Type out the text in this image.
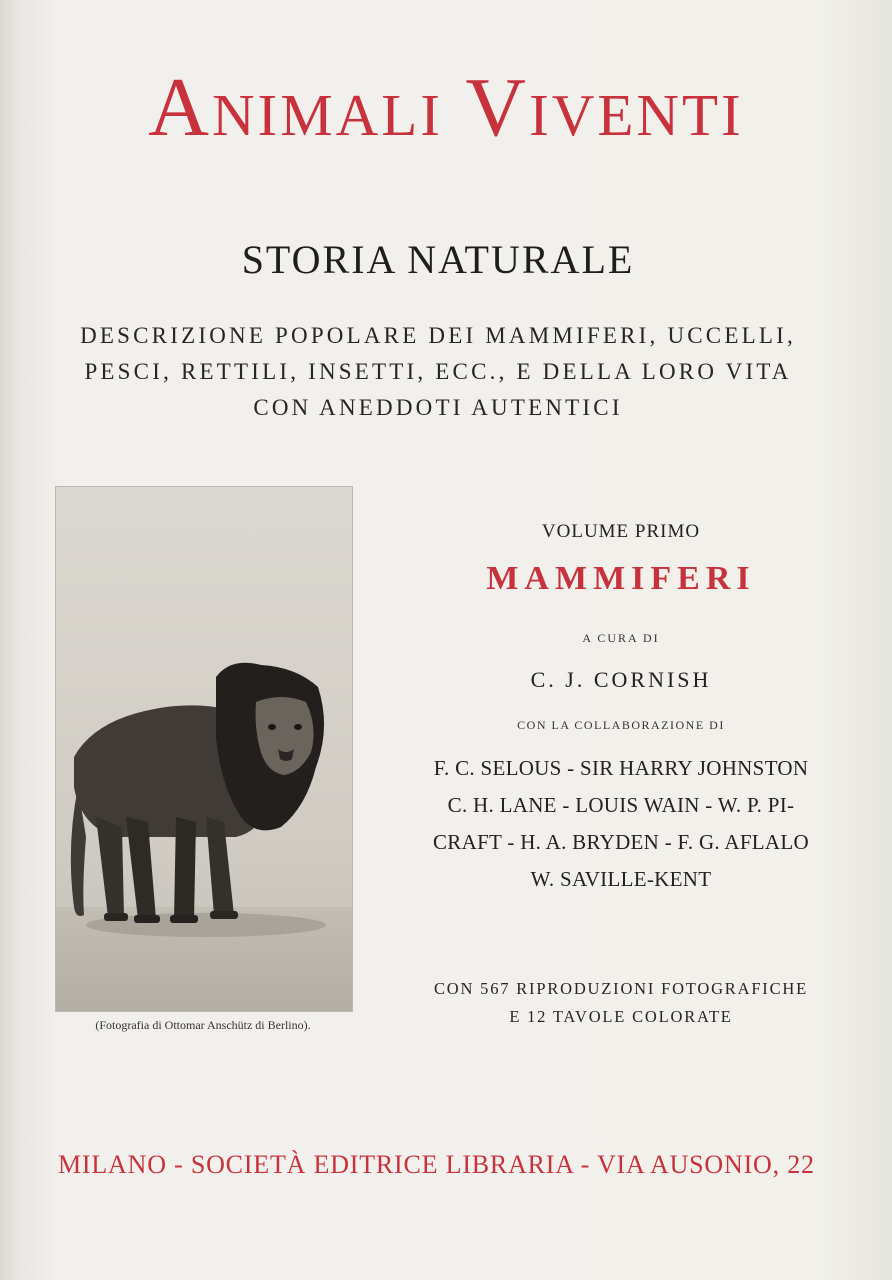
Animali Viventi
STORIA NATURALE
DESCRIZIONE POPOLARE DEI MAMMIFERI, UCCELLI,
PESCI, RETTILI, INSETTI, ECC., E DELLA LORO VITA
CON ANEDDOTI AUTENTICI
(Fotografia di Ottomar Anschütz di Berlino).
VOLUME PRIMO
MAMMIFERI
A CURA DI
C. J. CORNISH
CON LA COLLABORAZIONE DI
F. C. SELOUS - SIR HARRY JOHNSTON
C. H. LANE - LOUIS WAIN - W. P. PI-
CRAFT - H. A. BRYDEN - F. G. AFLALO
W. SAVILLE-KENT
CON 567 RIPRODUZIONI FOTOGRAFICHE
E 12 TAVOLE COLORATE
MILANO - SOCIETÀ EDITRICE LIBRARIA - VIA AUSONIO, 22
